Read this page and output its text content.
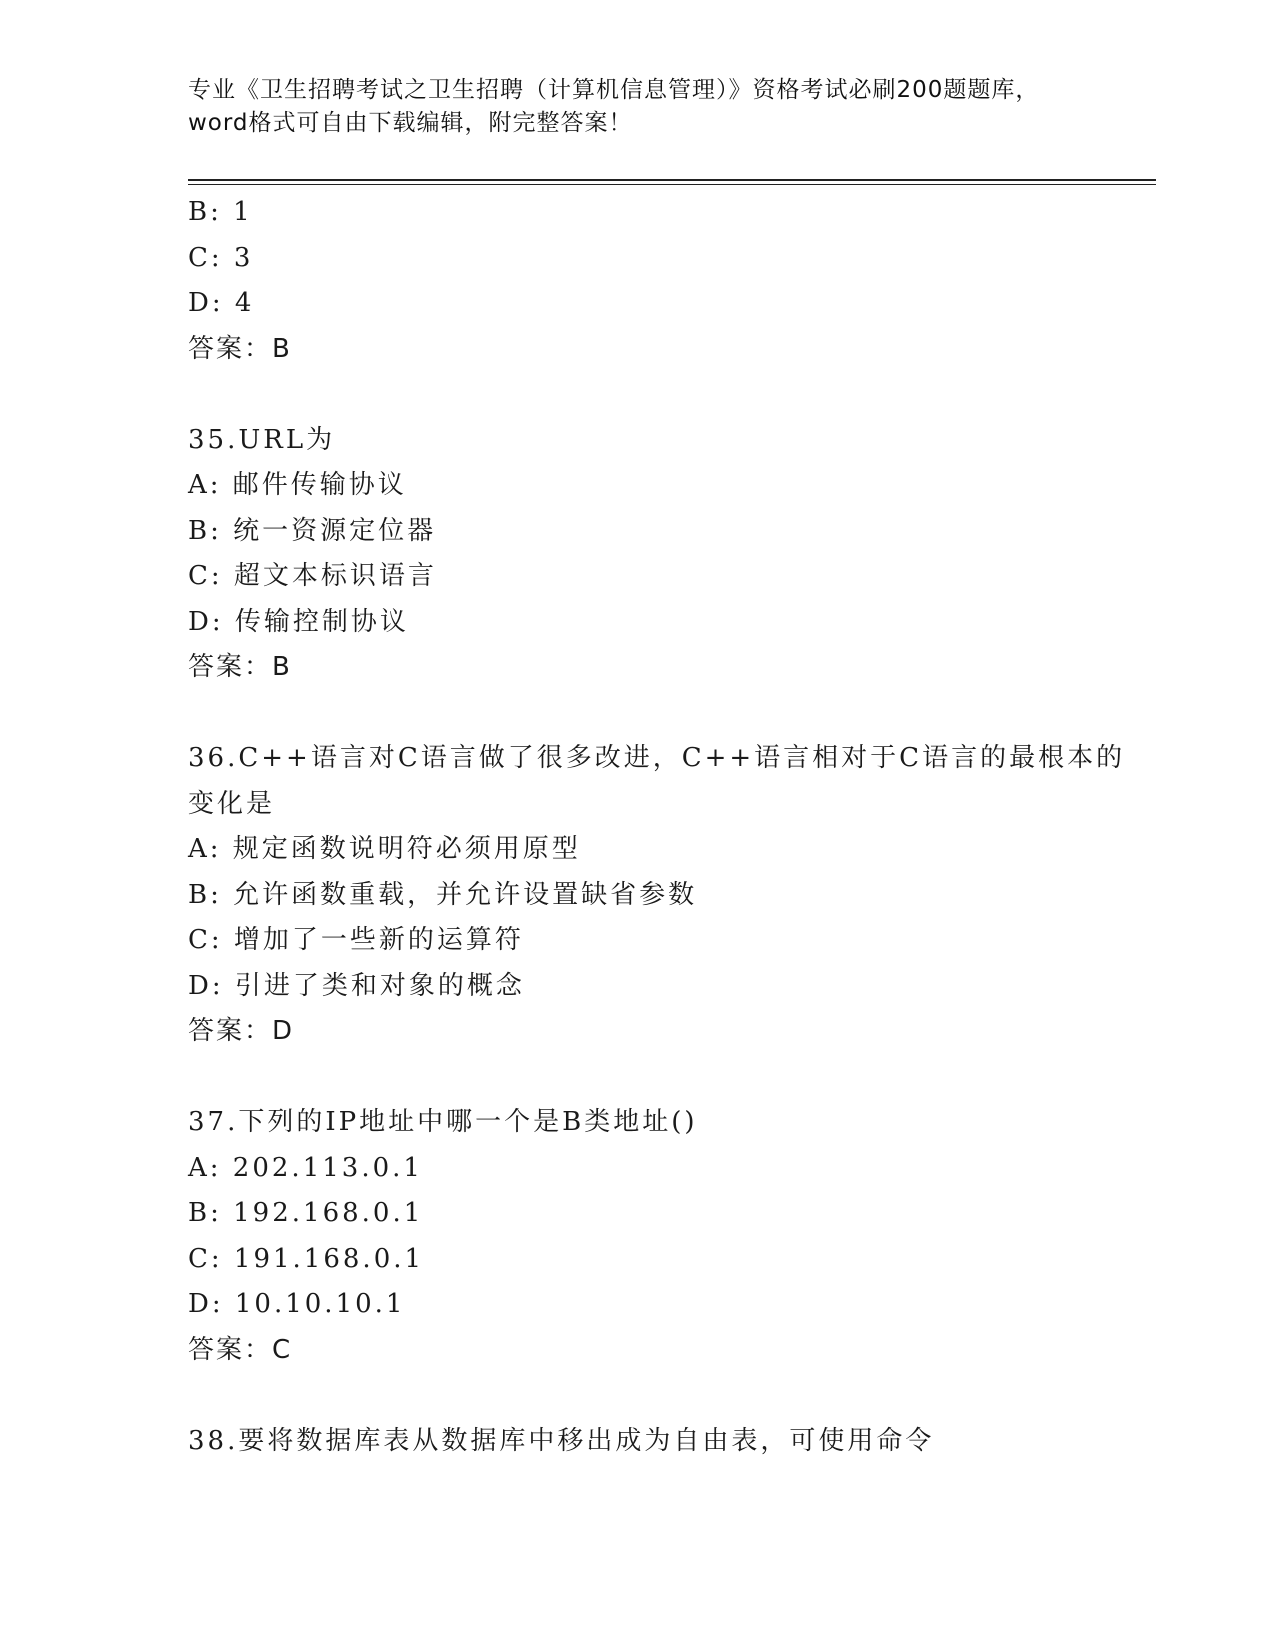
专业《卫生招聘考试之卫生招聘（计算机信息管理）》资格考试必刷200题题库，
word格式可自由下载编辑，附完整答案！
B: 1
C: 3
D: 4
答案：B
35.URL为
A: 邮件传输协议
B: 统一资源定位器
C: 超文本标识语言
D: 传输控制协议
答案：B
36.C++语言对C语言做了很多改进，C++语言相对于C语言的最根本的
变化是
A: 规定函数说明符必须用原型
B: 允许函数重载，并允许设置缺省参数
C: 增加了一些新的运算符
D: 引进了类和对象的概念
答案：D
37.下列的IP地址中哪一个是B类地址()
A: 202.113.0.1
B: 192.168.0.1
C: 191.168.0.1
D: 10.10.10.1
答案：C
38.要将数据库表从数据库中移出成为自由表，可使用命令
